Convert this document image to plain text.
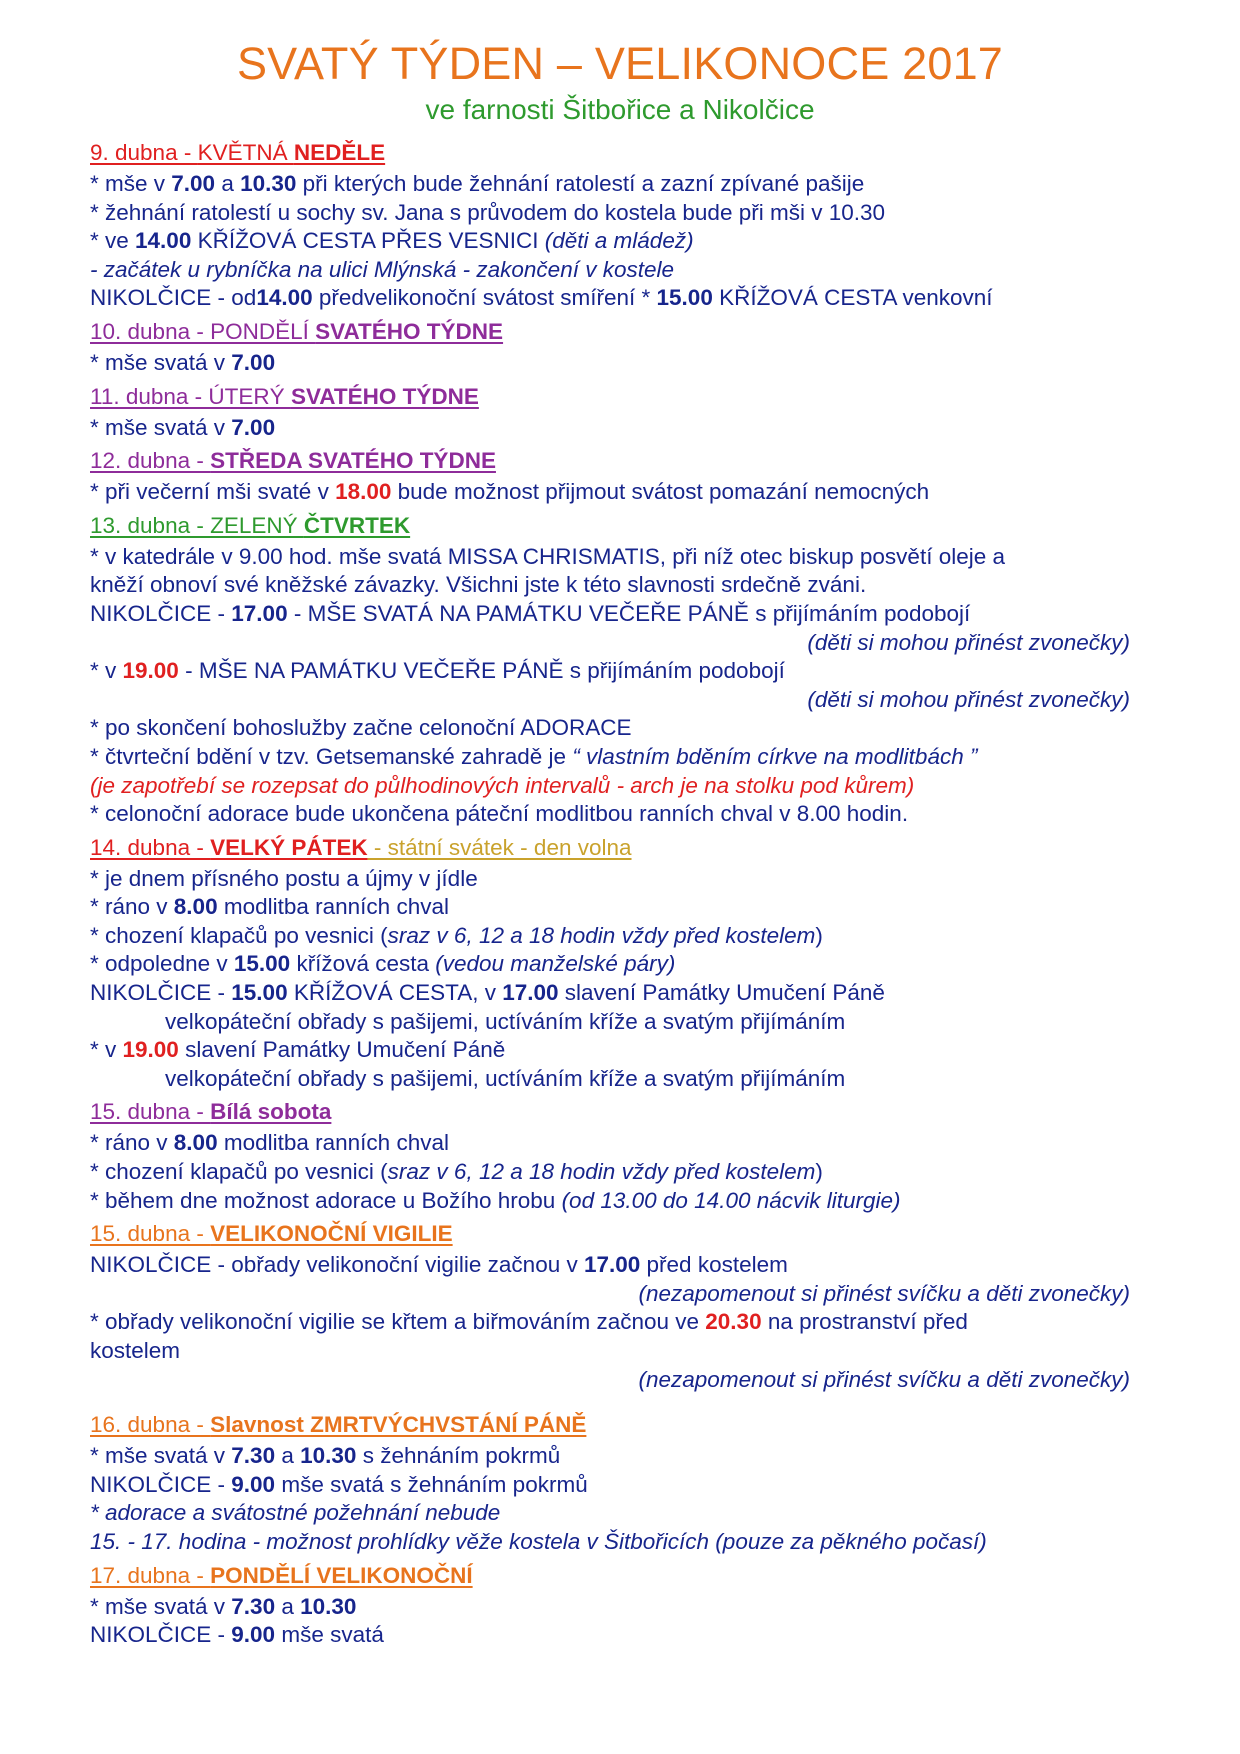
SVATÝ TÝDEN – VELIKONOCE 2017
ve farnosti Šitbořice a Nikolčice
9. dubna - KVĚTNÁ NEDĚLE
* mše v 7.00 a 10.30 při kterých bude žehnání ratolestí a zazní zpívané pašije
* žehnání ratolestí u sochy sv. Jana s průvodem do kostela bude při mši v 10.30
* ve 14.00 KŘÍŽOVÁ CESTA PŘES VESNICI (děti a mládež)
- začátek u rybníčka na ulici Mlýnská - zakončení v kostele
NIKOLČICE - od14.00 předvelikonoční svátost smíření * 15.00 KŘÍŽOVÁ CESTA venkovní
10. dubna - PONDĚLÍ SVATÉHO TÝDNE
* mše svatá v 7.00
11. dubna - ÚTERÝ SVATÉHO TÝDNE
* mše svatá v 7.00
12. dubna - STŘEDA SVATÉHO TÝDNE
* při večerní mši svaté v 18.00 bude možnost přijmout svátost pomazání nemocných
13. dubna - ZELENÝ ČTVRTEK
* v katedrále v 9.00 hod. mše svatá MISSA CHRISMATIS, při níž otec biskup posvětí oleje a
kněží obnoví své kněžské závazky. Všichni jste k této slavnosti srdečně zváni.
NIKOLČICE - 17.00 - MŠE SVATÁ NA PAMÁTKU VEČEŘE PÁNĚ s přijímáním podobojí
(děti si mohou přinést zvonečky)
* v 19.00 - MŠE NA PAMÁTKU VEČEŘE PÁNĚ s přijímáním podobojí
(děti si mohou přinést zvonečky)
* po skončení bohoslužby začne celonoční ADORACE
* čtvrteční bdění v tzv. Getsemanské zahradě je “ vlastním bděním církve na modlitbách ”
(je zapotřebí se rozepsat do půlhodinových intervalů - arch je na stolku pod kůrem)
* celonoční adorace bude ukončena páteční modlitbou ranních chval v 8.00 hodin.
14. dubna - VELKÝ PÁTEK - státní svátek - den volna
* je dnem přísného postu a újmy v jídle
* ráno v 8.00 modlitba ranních chval
* chození klapačů po vesnici (sraz v 6, 12 a 18 hodin vždy před kostelem)
* odpoledne v 15.00 křížová cesta (vedou manželské páry)
NIKOLČICE - 15.00 KŘÍŽOVÁ CESTA, v 17.00 slavení Památky Umučení Páně
velkopáteční obřady s pašijemi, uctíváním kříže a svatým přijímáním
* v 19.00 slavení Památky Umučení Páně
velkopáteční obřady s pašijemi, uctíváním kříže a svatým přijímáním
15. dubna - Bílá sobota
* ráno v 8.00 modlitba ranních chval
* chození klapačů po vesnici (sraz v 6, 12 a 18 hodin vždy před kostelem)
* během dne možnost adorace u Božího hrobu (od 13.00 do 14.00 nácvik liturgie)
15. dubna - VELIKONOČNÍ VIGILIE
NIKOLČICE - obřady velikonoční vigilie začnou v 17.00 před kostelem
(nezapomenout si přinést svíčku a děti zvonečky)
* obřady velikonoční vigilie se křtem a biřmováním začnou ve 20.30 na prostranství před
kostelem
(nezapomenout si přinést svíčku a děti zvonečky)
16. dubna - Slavnost ZMRTVÝCHVSTÁNÍ PÁNĚ
* mše svatá v 7.30 a 10.30 s žehnáním pokrmů
NIKOLČICE - 9.00 mše svatá s žehnáním pokrmů
* adorace a svátostné požehnání nebude
15. - 17. hodina - možnost prohlídky věže kostela v Šitbořicích (pouze za pěkného počasí)
17. dubna - PONDĚLÍ VELIKONOČNÍ
* mše svatá v 7.30 a 10.30
NIKOLČICE - 9.00 mše svatá
